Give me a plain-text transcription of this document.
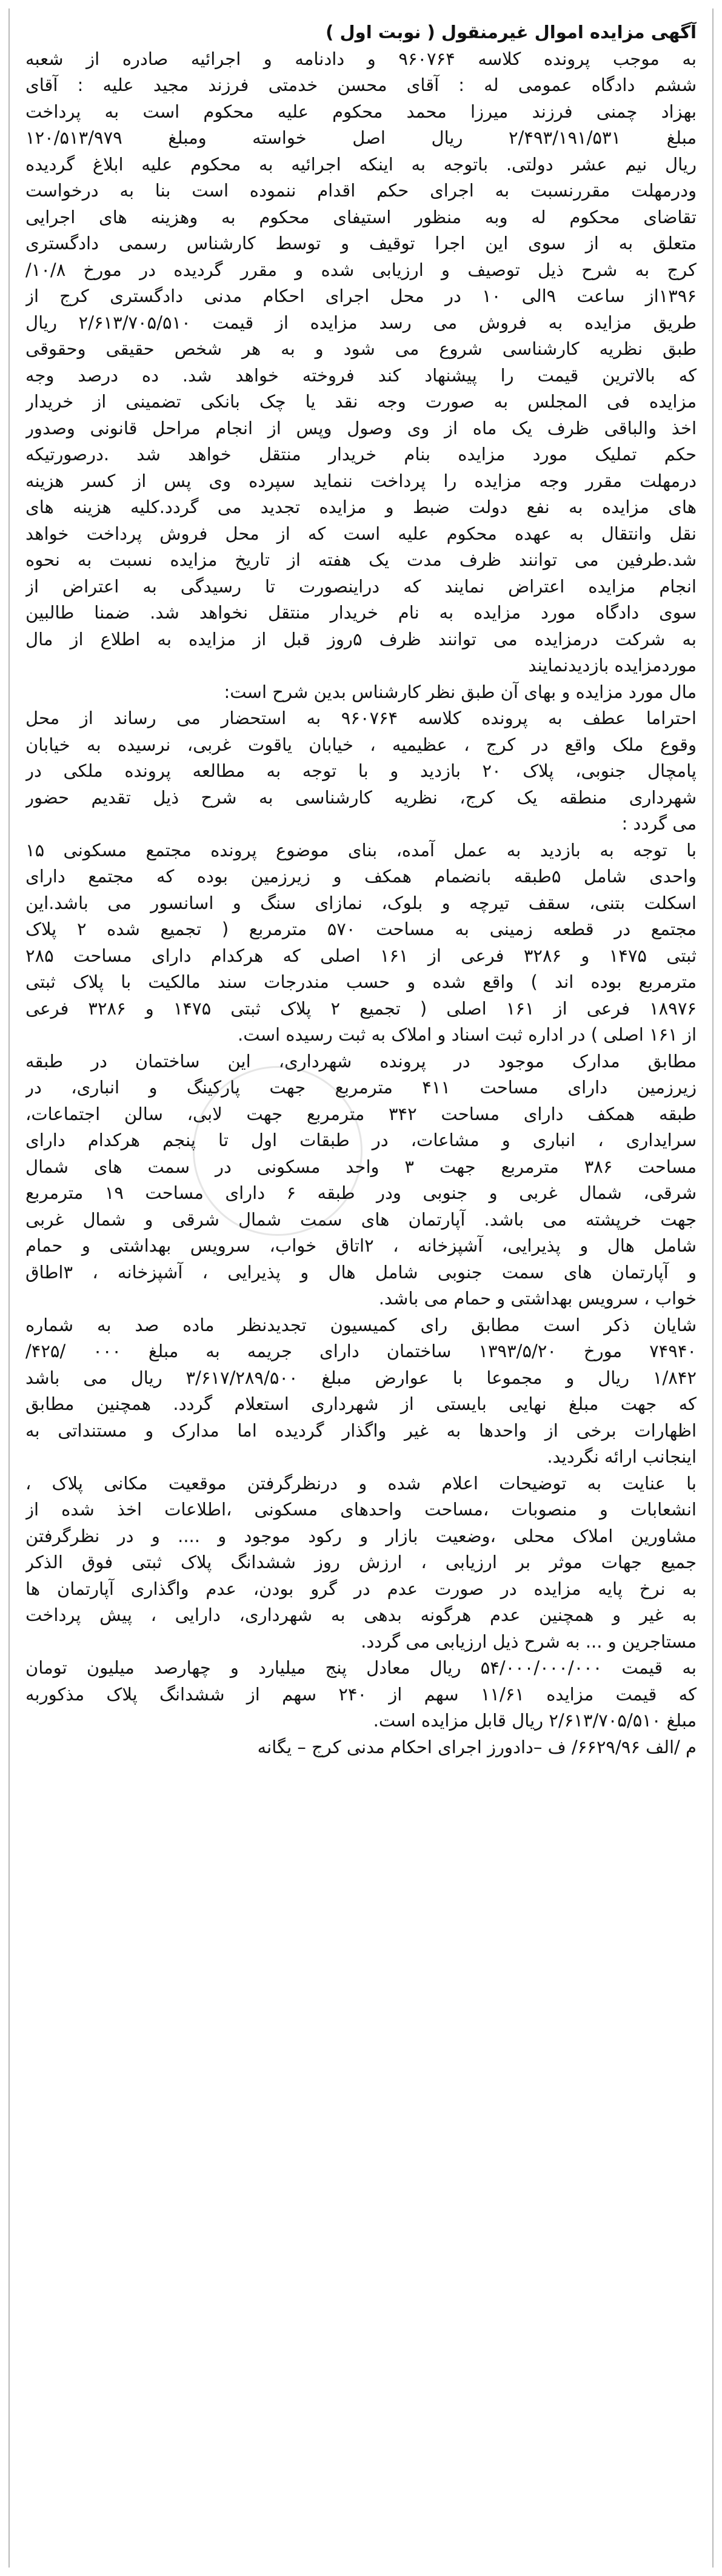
آگهی مزایده اموال غیرمنقول ( نوبت اول )
به موجب پرونده کلاسه ۹۶۰۷۶۴ و دادنامه و اجرائیه صادره از شعبه
ششم دادگاه عمومی له : آقای محسن خدمتی فرزند مجید علیه : آقای
بهزاد چمنی فرزند میرزا محمد محکوم علیه محکوم است به پرداخت
مبلغ ۲/۴۹۳/۱۹۱/۵۳۱ ریال اصل خواسته ومبلغ ۱۲۰/۵۱۳/۹۷۹
ریال نیم عشر دولتی. باتوجه به اینکه اجرائیه به محکوم علیه ابلاغ گردیده
ودرمهلت مقررنسبت به اجرای حکم اقدام ننموده است بنا به درخواست
تقاضای محکوم له وبه منظور استیفای محکوم به وهزینه های اجرایی
متعلق به از سوی این اجرا توقیف و توسط کارشناس رسمی دادگستری
کرج به شرح ذیل توصیف و ارزیابی شده و مقرر گردیده در مورخ ۱۰/۸/
۱۳۹۶از ساعت ۹الی ۱۰ در محل اجرای احکام مدنی دادگستری کرج از
طریق مزایده به فروش می رسد مزایده از قیمت ۲/۶۱۳/۷۰۵/۵۱۰ ریال
طبق نظریه کارشناسی شروع می شود و به هر شخص حقیقی وحقوقی
که بالاترین قیمت را پیشنهاد کند فروخته خواهد شد. ده درصد وجه
مزایده فی المجلس به صورت وجه نقد یا چک بانکی تضمینی از خریدار
اخذ والباقی ظرف یک ماه از وی وصول وپس از انجام مراحل قانونی وصدور
حکم تملیک مورد مزایده بنام خریدار منتقل خواهد شد .درصورتیکه
درمهلت مقرر وجه مزایده را پرداخت ننماید سپرده وی پس از کسر هزینه
های مزایده به نفع دولت ضبط و مزایده تجدید می گردد.کلیه هزینه های
نقل وانتقال به عهده محکوم علیه است که از محل فروش پرداخت خواهد
شد.طرفین می توانند ظرف مدت یک هفته از تاریخ مزایده نسبت به نحوه
انجام مزایده اعتراض نمایند که دراینصورت تا رسیدگی به اعتراض از
سوی دادگاه مورد مزایده به نام خریدار منتقل نخواهد شد. ضمنا طالبین
به شرکت درمزایده می توانند ظرف ۵روز قبل از مزایده به اطلاع از مال
موردمزایده بازدیدنمایند
مال مورد مزایده و بهای آن طبق نظر کارشناس بدین شرح است:
احتراما عطف به پرونده کلاسه ۹۶۰۷۶۴ به استحضار می رساند از محل
وقوع ملک واقع در کرج ، عظیمیه ، خیابان یاقوت غربی، نرسیده به خیابان
پامچال جنوبی، پلاک ۲۰ بازدید و با توجه به مطالعه پرونده ملکی در
شهرداری منطقه یک کرج، نظریه کارشناسی به شرح ذیل تقدیم حضور
می گردد :
با توجه به بازدید به عمل آمده، بنای موضوع پرونده مجتمع مسکونی ۱۵
واحدی شامل ۵طبقه بانضمام همکف و زیرزمین بوده که مجتمع دارای
اسکلت بتنی، سقف تیرچه و بلوک، نمازای سنگ و اسانسور می باشد.این
مجتمع در قطعه زمینی به مساحت ۵۷۰ مترمربع ( تجمیع شده ۲ پلاک
ثبتی ۱۴۷۵ و ۳۲۸۶ فرعی از ۱۶۱ اصلی که هرکدام دارای مساحت ۲۸۵
مترمربع بوده اند ) واقع شده و حسب مندرجات سند مالکیت با پلاک ثبتی
۱۸۹۷۶ فرعی از ۱۶۱ اصلی ( تجمیع ۲ پلاک ثبتی ۱۴۷۵ و ۳۲۸۶ فرعی
از ۱۶۱ اصلی ) در اداره ثبت اسناد و املاک به ثبت رسیده است.
مطابق مدارک موجود در پرونده شهرداری، این ساختمان در طبقه
زیرزمین دارای مساحت ۴۱۱ مترمربع جهت پارکینگ و انباری، در
طبقه همکف دارای مساحت ۳۴۲ مترمربع جهت لابی، سالن اجتماعات،
سرایداری ، انباری و مشاعات، در طبقات اول تا پنجم هرکدام دارای
مساحت ۳۸۶ مترمربع جهت ۳ واحد مسکونی در سمت های شمال
شرقی، شمال غربی و جنوبی ودر طبقه ۶ دارای مساحت ۱۹ مترمربع
جهت خرپشته می باشد. آپارتمان های سمت شمال شرقی و شمال غربی
شامل هال و پذیرایی، آشپزخانه ، ۲اتاق خواب، سرویس بهداشتی و حمام
و آپارتمان های سمت جنوبی شامل هال و پذیرایی ، آشپزخانه ، ۳اطاق
خواب ، سرویس بهداشتی و حمام می باشد.
شایان ذکر است مطابق رای کمیسیون تجدیدنظر ماده صد به شماره
۷۴۹۴۰ مورخ ۱۳۹۳/۵/۲۰ ساختمان دارای جریمه به مبلغ ۰۰۰ /۴۲۵/
۱/۸۴۲ ریال و مجموعا با عوارض مبلغ ۳/۶۱۷/۲۸۹/۵۰۰ ریال می باشد
که جهت مبلغ نهایی بایستی از شهرداری استعلام گردد. همچنین مطابق
اظهارات برخی از واحدها به غیر واگذار گردیده اما مدارک و مستنداتی به
اینجانب ارائه نگردید.
با عنایت به توضیحات اعلام شده و درنظرگرفتن موقعیت مکانی پلاک ،
انشعابات و منصوبات ،مساحت واحدهای مسکونی ،اطلاعات اخذ شده از
مشاورین املاک محلی ،وضعیت بازار و رکود موجود و .... و در نظرگرفتن
جمیع جهات موثر بر ارزیابی ، ارزش روز ششدانگ پلاک ثبتی فوق الذکر
به نرخ پایه مزایده در صورت عدم در گرو بودن، عدم واگذاری آپارتمان ها
به غیر و همچنین عدم هرگونه بدهی به شهرداری، دارایی ، پیش پرداخت
مستاجرین و ... به شرح ذیل ارزیابی می گردد.
به قیمت ۵۴/۰۰۰/۰۰۰/۰۰۰ ریال معادل پنج میلیارد و چهارصد میلیون تومان
که قیمت مزایده ۱۱/۶۱ سهم از ۲۴۰ سهم از ششدانگ پلاک مذکوربه
مبلغ ۲/۶۱۳/۷۰۵/۵۱۰ ریال قابل مزایده است.
م /الف ۶۶۲۹/۹۶/ ف –دادورز اجرای احکام مدنی کرج – یگانه
